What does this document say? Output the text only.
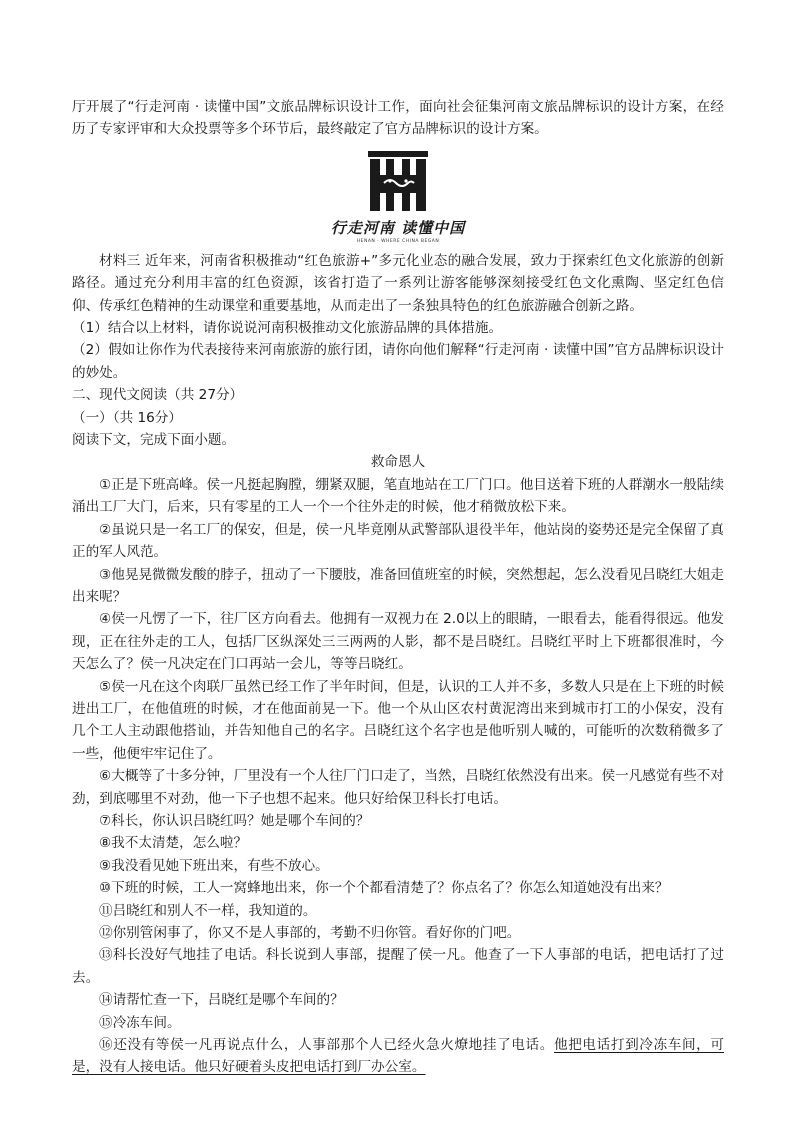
厅开展了“行走河南 · 读懂中国”文旅品牌标识设计工作，面向社会征集河南文旅品牌标识的设计方案，在经历了专家评审和大众投票等多个环节后，最终敲定了官方品牌标识的设计方案。

行走河南 读懂中国
HENAN · WHERE CHINA BEGAN

材料三 近年来，河南省积极推动“红色旅游+”多元化业态的融合发展，致力于探索红色文化旅游的创新路径。通过充分利用丰富的红色资源，该省打造了一系列让游客能够深刻接受红色文化熏陶、坚定红色信仰、传承红色精神的生动课堂和重要基地，从而走出了一条独具特色的红色旅游融合创新之路。

（1）结合以上材料，请你说说河南积极推动文化旅游品牌的具体措施。

（2）假如让你作为代表接待来河南旅游的旅行团，请你向他们解释“行走河南 · 读懂中国”官方品牌标识设计的妙处。

二、现代文阅读（共 27分）

（一）（共 16分）

阅读下文，完成下面小题。

救命恩人

①正是下班高峰。侯一凡挺起胸膛，绷紧双腿，笔直地站在工厂门口。他目送着下班的人群潮水一般陆续涌出工厂大门，后来，只有零星的工人一个一个往外走的时候，他才稍微放松下来。

②虽说只是一名工厂的保安，但是，侯一凡毕竟刚从武警部队退役半年，他站岗的姿势还是完全保留了真正的军人风范。

③他晃晃微微发酸的脖子，扭动了一下腰肢，准备回值班室的时候，突然想起，怎么没看见吕晓红大姐走出来呢？

④侯一凡愣了一下，往厂区方向看去。他拥有一双视力在 2.0以上的眼睛，一眼看去，能看得很远。他发现，正在往外走的工人，包括厂区纵深处三三两两的人影，都不是吕晓红。吕晓红平时上下班都很准时，今天怎么了？侯一凡决定在门口再站一会儿，等等吕晓红。

⑤侯一凡在这个肉联厂虽然已经工作了半年时间，但是，认识的工人并不多，多数人只是在上下班的时候进出工厂，在他值班的时候，才在他面前晃一下。他一个从山区农村黄泥湾出来到城市打工的小保安，没有几个工人主动跟他搭讪，并告知他自己的名字。吕晓红这个名字也是他听别人喊的，可能听的次数稍微多了一些，他便牢牢记住了。

⑥大概等了十多分钟，厂里没有一个人往厂门口走了，当然，吕晓红依然没有出来。侯一凡感觉有些不对劲，到底哪里不对劲，他一下子也想不起来。他只好给保卫科长打电话。

⑦科长，你认识吕晓红吗？她是哪个车间的？

⑧我不太清楚，怎么啦？

⑨我没看见她下班出来，有些不放心。

⑩下班的时候，工人一窝蜂地出来，你一个个都看清楚了？你点名了？你怎么知道她没有出来？

⑪吕晓红和别人不一样，我知道的。

⑫你别管闲事了，你又不是人事部的，考勤不归你管。看好你的门吧。

⑬科长没好气地挂了电话。科长说到人事部，提醒了侯一凡。他查了一下人事部的电话，把电话打了过去。

⑭请帮忙查一下，吕晓红是哪个车间的？

⑮冷冻车间。

⑯还没有等侯一凡再说点什么，人事部那个人已经火急火燎地挂了电话。他把电话打到冷冻车间，可是，没有人接电话。他只好硬着头皮把电话打到厂办公室。
